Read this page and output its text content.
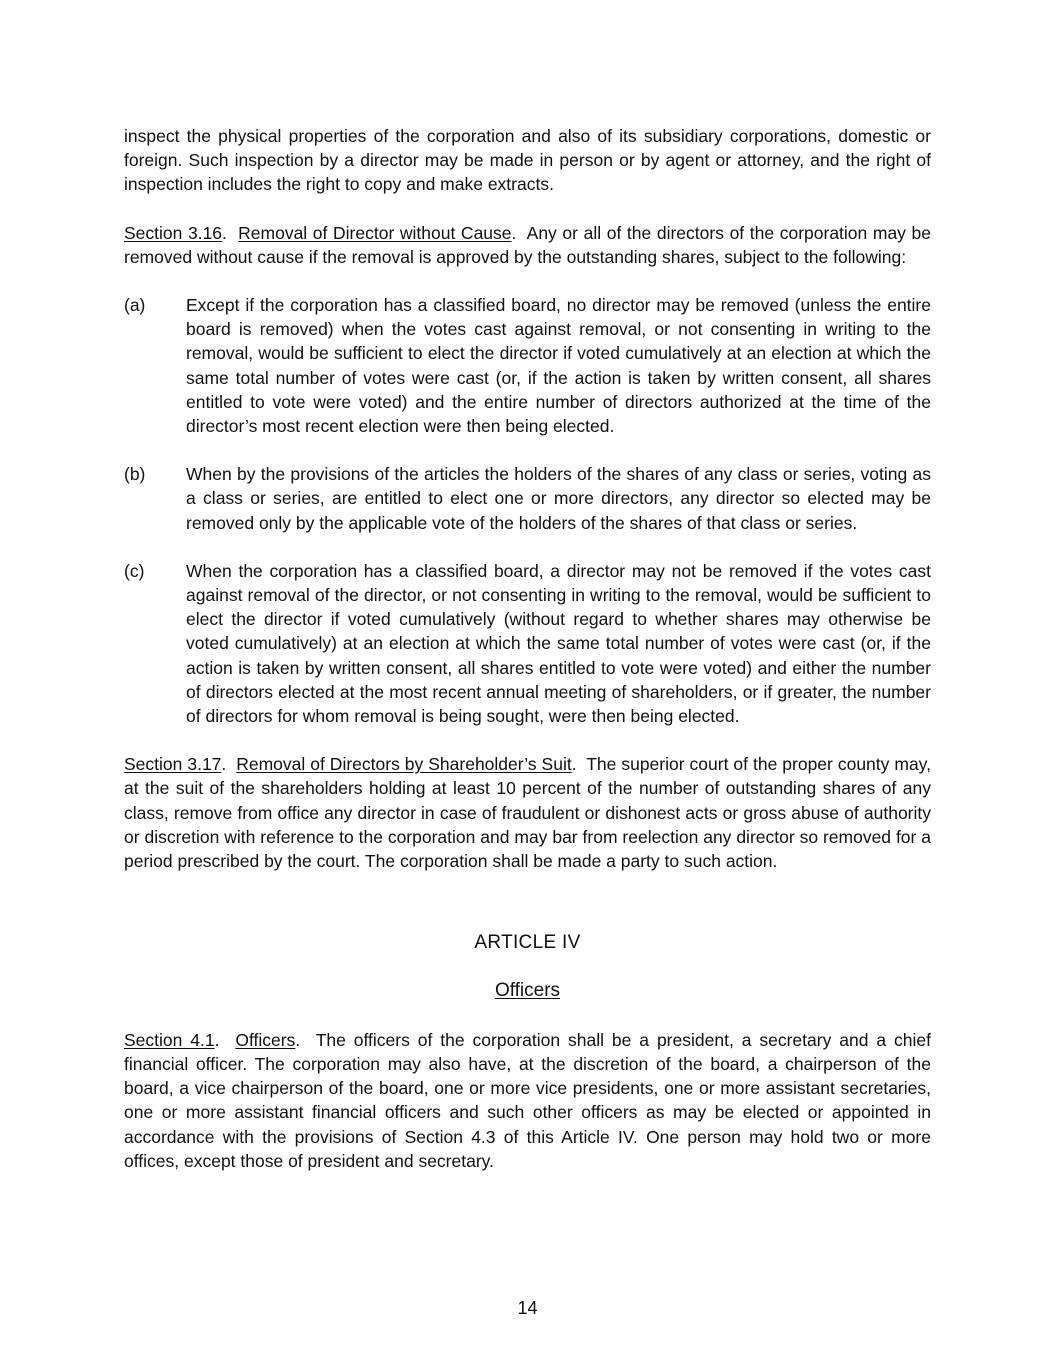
inspect the physical properties of the corporation and also of its subsidiary corporations, domestic or foreign. Such inspection by a director may be made in person or by agent or attorney, and the right of inspection includes the right to copy and make extracts.

Section 3.16.  Removal of Director without Cause.  Any or all of the directors of the corporation may be removed without cause if the removal is approved by the outstanding shares, subject to the following:

(a)	Except if the corporation has a classified board, no director may be removed (unless the entire board is removed) when the votes cast against removal, or not consenting in writing to the removal, would be sufficient to elect the director if voted cumulatively at an election at which the same total number of votes were cast (or, if the action is taken by written consent, all shares entitled to vote were voted) and the entire number of directors authorized at the time of the director’s most recent election were then being elected.
(b)	When by the provisions of the articles the holders of the shares of any class or series, voting as a class or series, are entitled to elect one or more directors, any director so elected may be removed only by the applicable vote of the holders of the shares of that class or series.
(c)	When the corporation has a classified board, a director may not be removed if the votes cast against removal of the director, or not consenting in writing to the removal, would be sufficient to elect the director if voted cumulatively (without regard to whether shares may otherwise be voted cumulatively) at an election at which the same total number of votes were cast (or, if the action is taken by written consent, all shares entitled to vote were voted) and either the number of directors elected at the most recent annual meeting of shareholders, or if greater, the number of directors for whom removal is being sought, were then being elected.

Section 3.17.  Removal of Directors by Shareholder’s Suit.  The superior court of the proper county may, at the suit of the shareholders holding at least 10 percent of the number of outstanding shares of any class, remove from office any director in case of fraudulent or dishonest acts or gross abuse of authority or discretion with reference to the corporation and may bar from reelection any director so removed for a period prescribed by the court. The corporation shall be made a party to such action.

ARTICLE IV

Officers

Section 4.1.  Officers.  The officers of the corporation shall be a president, a secretary and a chief financial officer. The corporation may also have, at the discretion of the board, a chairperson of the board, a vice chairperson of the board, one or more vice presidents, one or more assistant secretaries, one or more assistant financial officers and such other officers as may be elected or appointed in accordance with the provisions of Section 4.3 of this Article IV. One person may hold two or more offices, except those of president and secretary.

14
